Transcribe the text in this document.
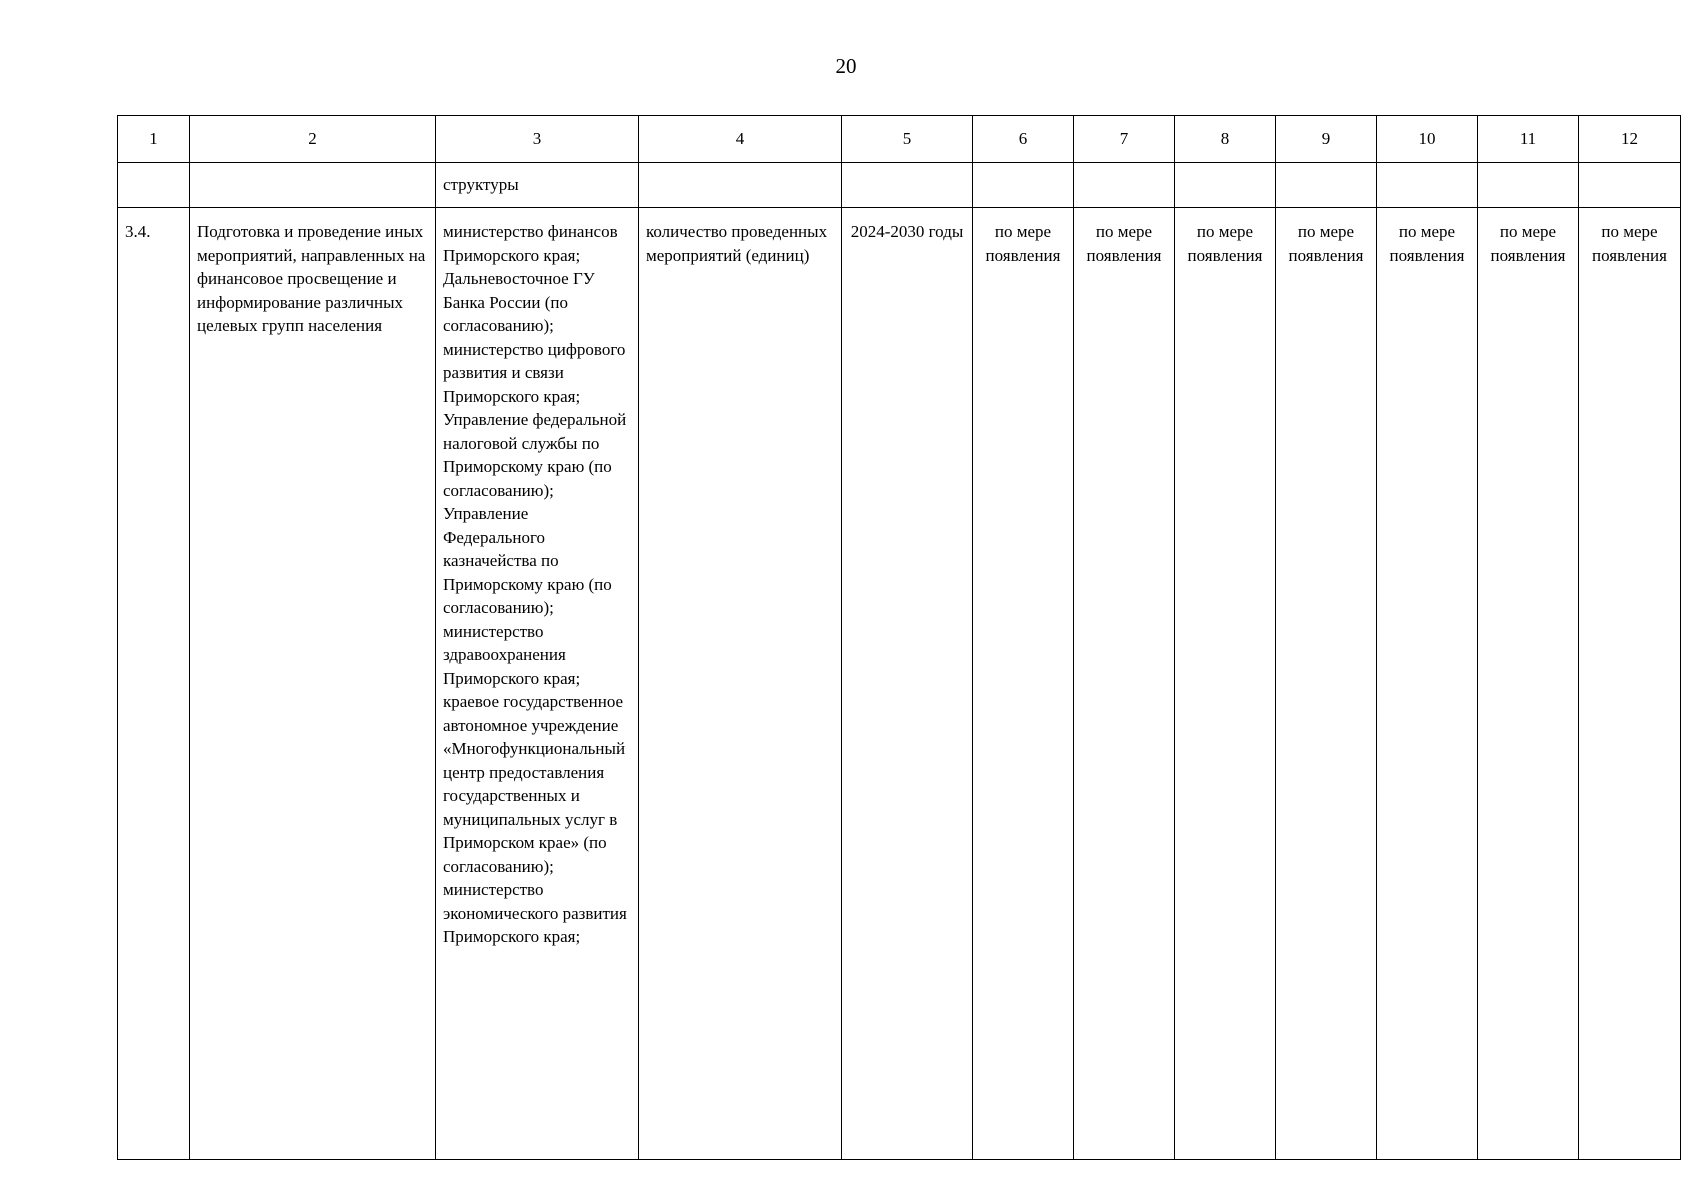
20
1	2	3	4	5	6	7	8	9	10	11	12
		структуры									
3.4.	Подготовка и проведение иных мероприятий, направленных на финансовое просвещение и информирование различных целевых групп населения	министерство финансов Приморского края; Дальневосточное ГУ Банка России (по согласованию); министерство цифрового развития и связи Приморского края; Управление федеральной налоговой службы по Приморскому краю (по согласованию); Управление Федерального казначейства по Приморскому краю (по согласованию); министерство здравоохранения Приморского края; краевое государственное автономное учреждение «Многофункциональный центр предоставления государственных и муниципальных услуг в Приморском крае» (по согласованию); министерство экономического развития Приморского края;	количество проведенных мероприятий (единиц)	2024-2030 годы	по мере появления	по мере появления	по мере появления	по мере появления	по мере появления	по мере появления	по мере появления
